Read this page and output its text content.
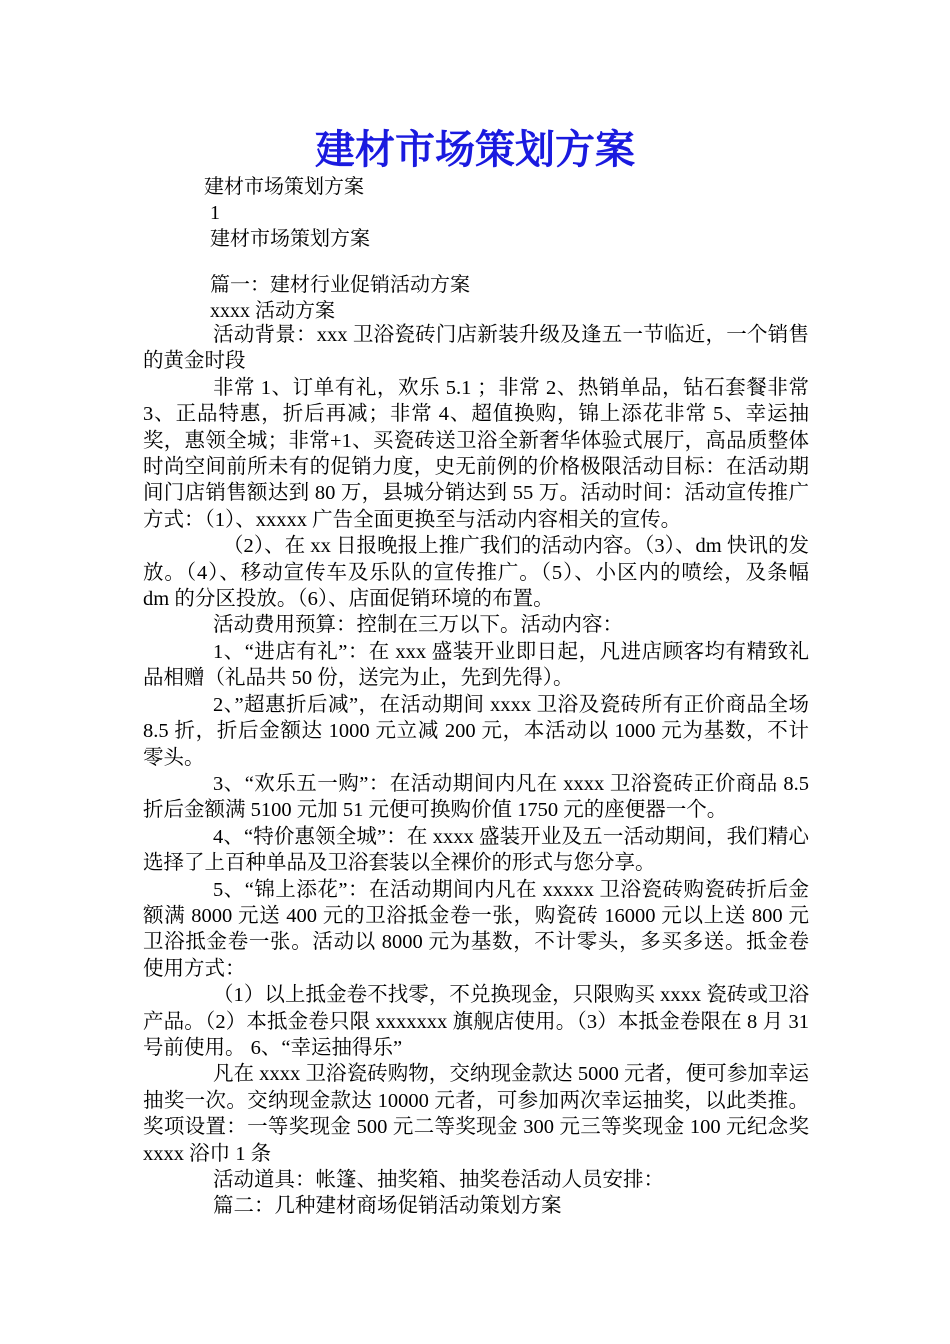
建材市场策划方案
建材市场策划方案
1
建材市场策划方案
篇一：建材行业促销活动方案
xxxx 活动方案

活动背景：xxx 卫浴瓷砖门店新装升级及逢五一节临近，一个销售的黄金时段

非常 1、订单有礼，欢乐 5.1 ；非常 2、热销单品，钻石套餐非常 3、正品特惠，折后再减；非常 4、超值换购，锦上添花非常 5、幸运抽奖，惠领全城；非常+1、买瓷砖送卫浴全新奢华体验式展厅，高品质整体时尚空间前所未有的促销力度，史无前例的价格极限活动目标：在活动期间门店销售额达到 80 万，县城分销达到 55 万。活动时间：活动宣传推广方式：（1）、xxxxx 广告全面更换至与活动内容相关的宣传。

（2）、在 xx 日报晚报上推广我们的活动内容。（3）、dm 快讯的发放。（4）、移动宣传车及乐队的宣传推广。（5）、小区内的喷绘，及条幅 dm 的分区投放。（6）、店面促销环境的布置。

活动费用预算：控制在三万以下。活动内容：

1、“进店有礼”：在 xxx 盛装开业即日起，凡进店顾客均有精致礼品相赠（礼品共 50 份，送完为止，先到先得）。

2、”超惠折后减”，在活动期间 xxxx 卫浴及瓷砖所有正价商品全场 8.5 折，折后金额达 1000 元立减 200 元，本活动以 1000 元为基数，不计零头。

3、“欢乐五一购”：在活动期间内凡在 xxxx 卫浴瓷砖正价商品 8.5 折后金额满 5100 元加 51 元便可换购价值 1750 元的座便器一个。

4、“特价惠领全城”：在 xxxx 盛装开业及五一活动期间，我们精心选择了上百种单品及卫浴套装以全裸价的形式与您分享。

5、“锦上添花”：在活动期间内凡在 xxxxx 卫浴瓷砖购瓷砖折后金额满 8000 元送 400 元的卫浴抵金卷一张，购瓷砖 16000 元以上送 800 元卫浴抵金卷一张。活动以 8000 元为基数，不计零头，多买多送。抵金卷使用方式：

（1）以上抵金卷不找零，不兑换现金，只限购买 xxxx 瓷砖或卫浴产品。（2）本抵金卷只限 xxxxxxx 旗舰店使用。（3）本抵金卷限在 8 月 31 号前使用。 6、“幸运抽得乐”

凡在 xxxx 卫浴瓷砖购物，交纳现金款达 5000 元者，便可参加幸运抽奖一次。交纳现金款达 10000 元者，可参加两次幸运抽奖，以此类推。奖项设置：一等奖现金 500 元二等奖现金 300 元三等奖现金 100 元纪念奖 xxxx 浴巾 1 条

活动道具：帐篷、抽奖箱、抽奖卷活动人员安排：

篇二：几种建材商场促销活动策划方案
